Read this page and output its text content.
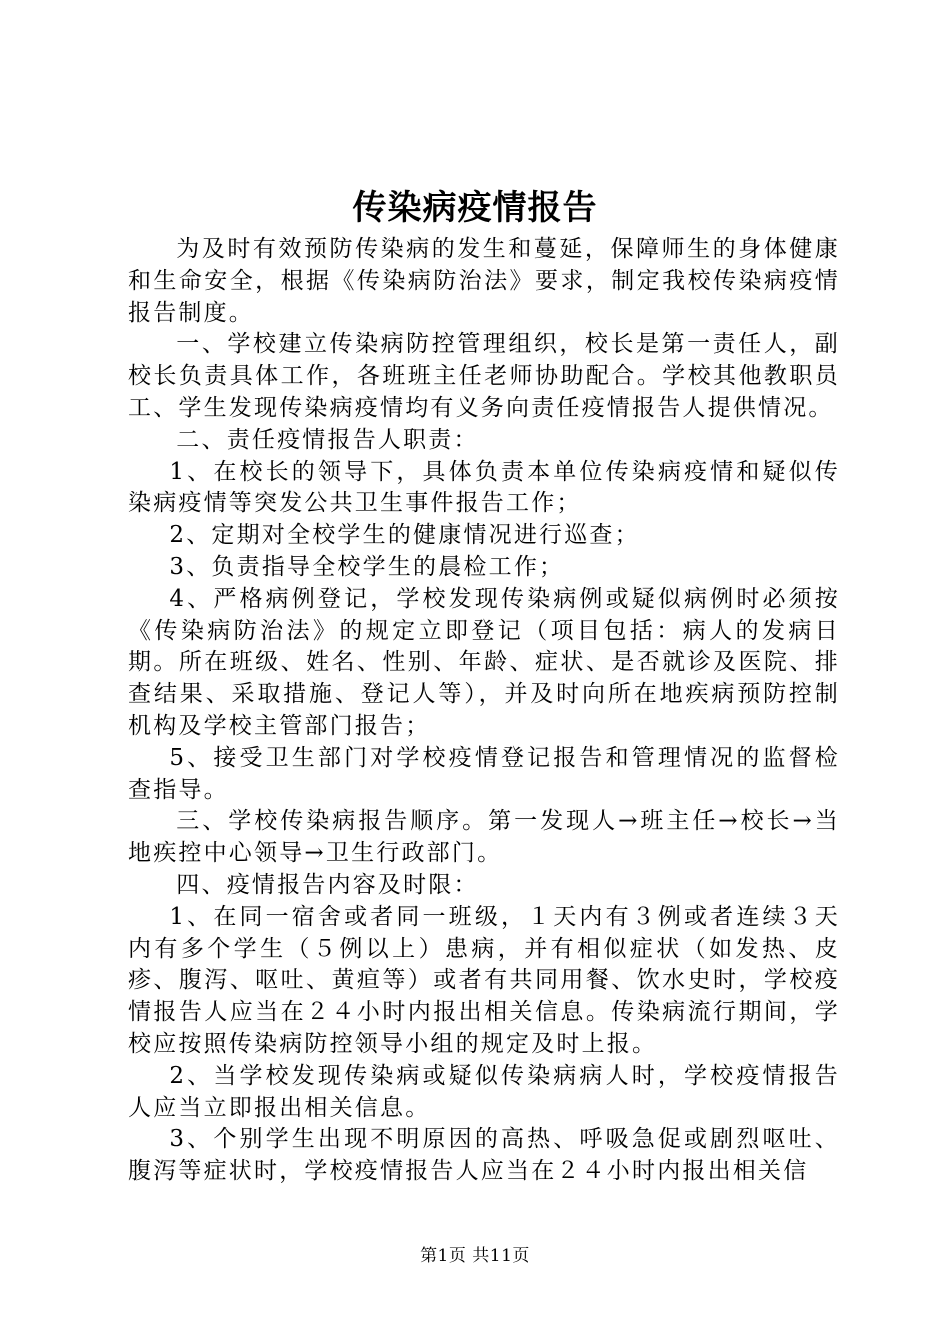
传染病疫情报告

为及时有效预防传染病的发生和蔓延，保障师生的身体健康和生命安全，根据《传染病防治法》要求，制定我校传染病疫情报告制度。

一、学校建立传染病防控管理组织，校长是第一责任人，副校长负责具体工作，各班班主任老师协助配合。学校其他教职员工、学生发现传染病疫情均有义务向责任疫情报告人提供情况。

二、责任疫情报告人职责：

1、在校长的领导下，具体负责本单位传染病疫情和疑似传染病疫情等突发公共卫生事件报告工作；

2、定期对全校学生的健康情况进行巡查；

3、负责指导全校学生的晨检工作；

4、严格病例登记，学校发现传染病例或疑似病例时必须按《传染病防治法》的规定立即登记（项目包括：病人的发病日期。所在班级、姓名、性别、年龄、症状、是否就诊及医院、排查结果、采取措施、登记人等），并及时向所在地疾病预防控制机构及学校主管部门报告；

5、接受卫生部门对学校疫情登记报告和管理情况的监督检查指导。

三、学校传染病报告顺序。第一发现人→班主任→校长→当地疾控中心领导→卫生行政部门。

四、疫情报告内容及时限：

1、在同一宿舍或者同一班级，１天内有３例或者连续３天内有多个学生（５例以上）患病，并有相似症状（如发热、皮疹、腹泻、呕吐、黄疸等）或者有共同用餐、饮水史时，学校疫情报告人应当在２４小时内报出相关信息。传染病流行期间，学校应按照传染病防控领导小组的规定及时上报。

2、当学校发现传染病或疑似传染病病人时，学校疫情报告人应当立即报出相关信息。

3、个别学生出现不明原因的高热、呼吸急促或剧烈呕吐、腹泻等症状时，学校疫情报告人应当在２４小时内报出相关信

第1页 共11页
